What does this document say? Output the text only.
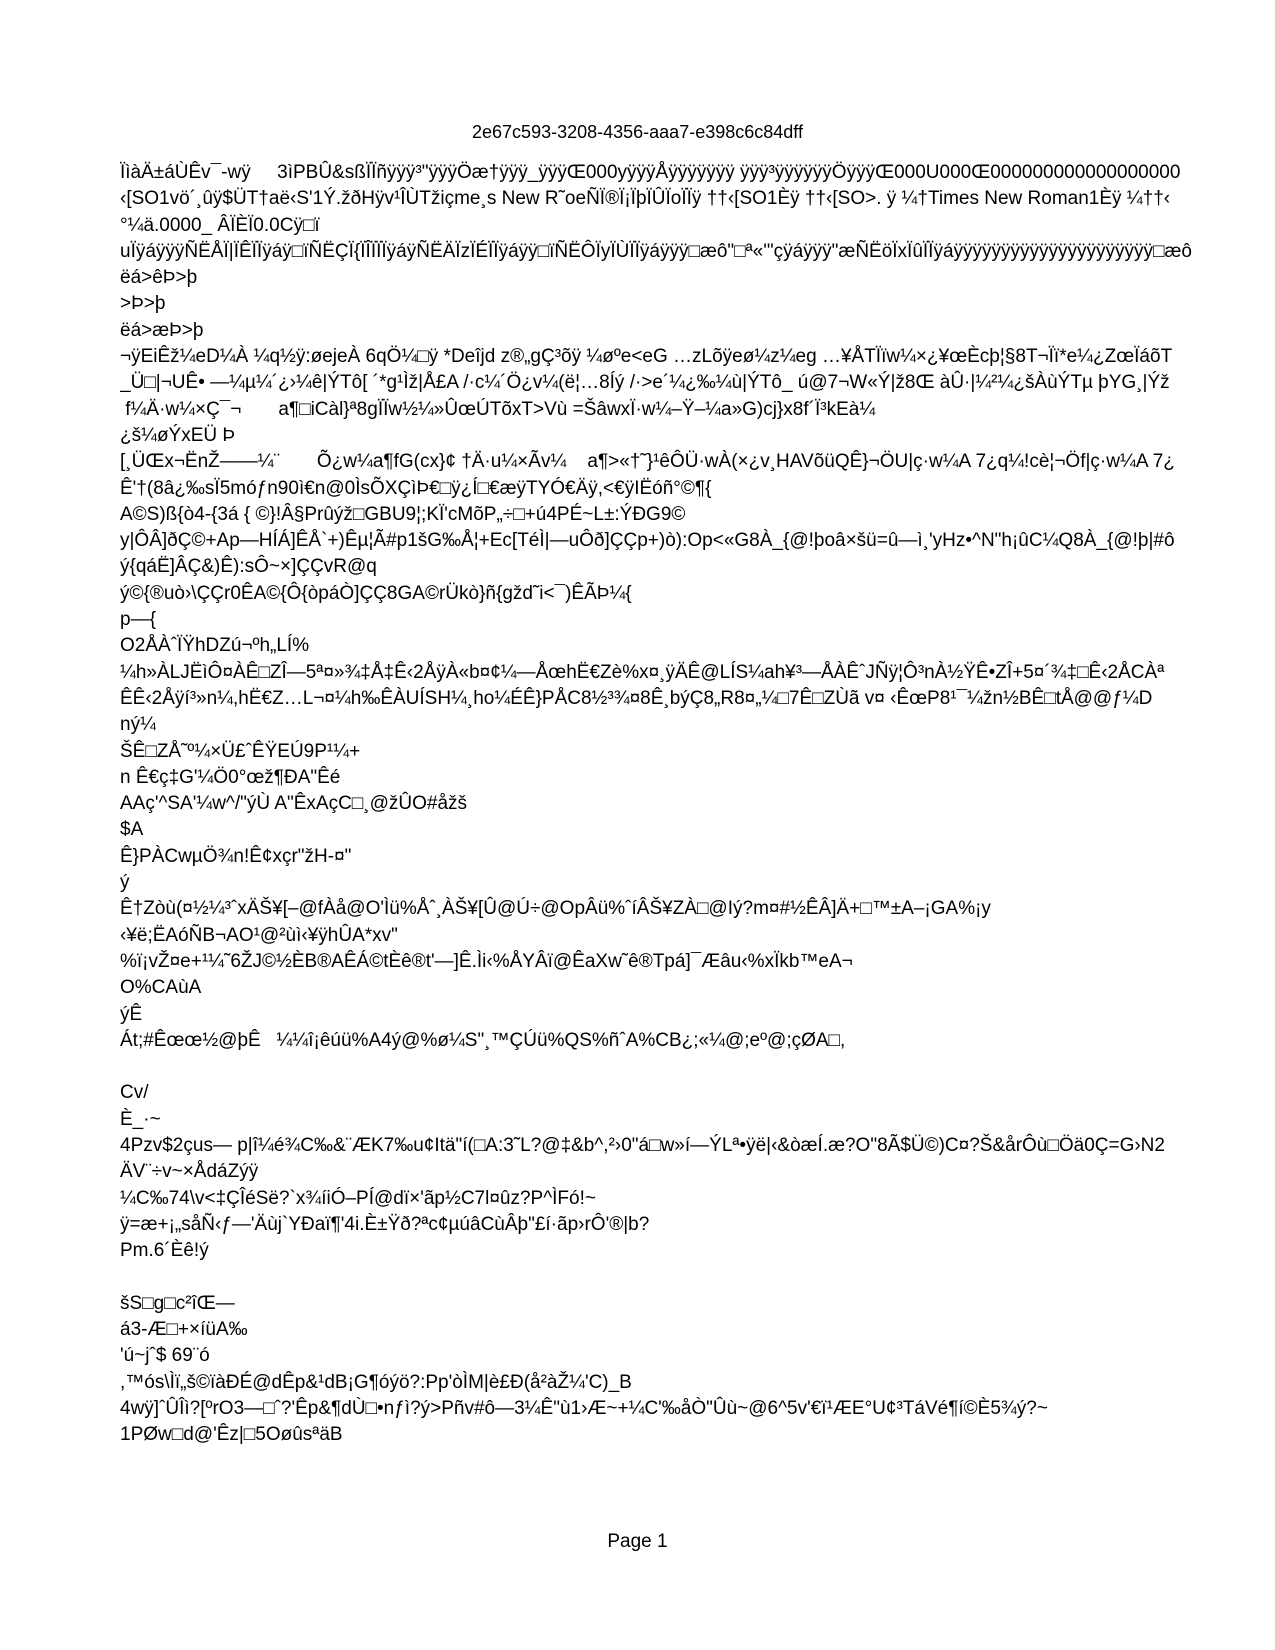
2e67c593-3208-4356-aaa7-e398c6c84dff
ÏìàÄ±áÙÊv¯-wÿ     3ìPBÛ&sßÏÏñÿÿÿ³"ÿÿÿÖæ†ÿÿÿ_ÿÿÿŒ000yÿÿÿÅÿÿÿÿÿÿÿ ÿÿÿ³ÿÿÿÿÿÿÖÿÿÿŒ000U000Œ000000000000000000
‹[SO1vö´¸ûÿ$ÜT†aë‹S'1Ý.žðHÿv¹ÎÙTžiçme¸s New R˜oeÑÏ®Ï¡ÏþÏÛÏoÏÏÿ ††‹[SO1Èÿ ††‹[SO>. ÿ ¼†Times New Roman1Èÿ ¼††‹
°¼ä.0000_ ÂÏÈÏ0.0Cÿ□ï
uÏÿáÿÿÿÑËÅÏ|ÏÊÏÏÿáÿ□ïÑËÇÏ{ÏÎÏÏÏÿáÿÑËÄÏzÏÉÏÏÿáÿÿ□ïÑËÔÏyÏÙÏÏÿáÿÿÿ□æô"□ª«'"çÿáÿÿÿ"æÑËöÏxÏûÏÏÿáÿÿÿÿÿÿÿÿÿÿÿÿÿÿÿÿÿÿÿÿÿ□æô
ëá>êÞ>þ
>Þ>þ
ëá>æÞ>þ
¬ÿEiÊž¼eD¼À ¼q½ÿ:øejeÀ 6qÖ¼□ÿ *Deîjd z®„gÇ³õÿ ¼øºe<eG …zLõÿeø¼z¼eg …¥ÅTÏïw¼×¿¥œÈcþ¦§8T¬Ïï*e¼¿ZœÏáõT
_Ü□|¬UÊ• —¼µ¼´¿›¼ê|ÝTô[ ´*g¹Ìž|Å£A /·c¼´Ö¿v¼(ë¦…8Íý /·>e´¼¿‰¼ù|ÝTô_ ú@7¬W«Ý|ž8Œ àÛ·|¼²¼¿šÀùÝTµ þYG¸|Ýž
f¼Ä·w¼×Ç¯¬       a¶□iCàl}ª8gÏÏw½¼»ÛœÚTõxT>Vù =ŠâwxÏ·w¼–Ÿ–¼a»G)cj}x8f´Ï³kEà¼
¿š¼øÝxEÜ Þ
[¸ÜŒx¬ËnŽ——¼¨       Õ¿w¼a¶fG(cx}¢ †Ä·u¼×Ãv¼    a¶>«†˜}¹êÔÜ·wÀ(×¿v¸HAVõüQÊ}¬ÖU|ç·w¼A 7¿q¼!cè¦¬Öf|ç·w¼A 7¿
Ê'†(8â¿‰sÏ5móƒn90ì€n@0ÌsÕXÇìÞ€□ÿ¿Í□€æÿTYÓ€Äÿ,<€ÿIËóñ°©¶{
A©S)ß{ò4-{3á { ©}!Â§Prûýž□GBU9¦;KÏ'cMõP„÷□+ú4PÉ~L±:ÝÐG9©
y|ÔÂ]ðÇ©+Ap—HÍÁ]ÊÅ`+)Êµ¦Ã#p1šG‰Å¦+Ec[TéÌ|—uÔð]ÇÇp+)ò):Op<«G8À_{@!þoâ×šü=û—ì¸'yHz•^N"h¡ûC¼Q8À_{@!þ|#ô
ý{qáË]ÂÇ&)Ê):sÔ~×]ÇÇvR@q
ý©{®uò›\ÇÇr0ÊA©{Ô{òpáÒ]ÇÇ8GA©rÜkò}ñ{gžd˜i<¯)ÊÃÞ¼{
p—{
O2ÅÀˆÏŸhDZú¬ºh„LÍ%
¼h»ÀLJËìÔ¤ÀÊ□ZÎ—5ª¤»¾‡Å‡Ê‹2ÅÿÀ«b¤¢¼—ÅœhË€Zè%x¤¸ÿÄÊ@LÍS¼ah¥³—ÅÀÊˆJÑÿ¦Ô³nÀ½ŸÊ•ZÎ+5¤´¾‡□Ê‹2ÅCÀª
ÊÊ‹2Åÿí³»n¼,hË€Z…L¬¤¼h‰ÊÀUÍSH¼¸ho¼ÉÊ}PÅC8½³¾¤8Ê¸býÇ8„R8¤„¼□7Ê□ZÙã v¤ ‹ÊœP8¹¯¼žn½BÊ□tÅ@@ƒ¼D
ný¼
ŠÊ□ZÅ˜º¼×Ü£ˆÊŸEÚ9P¹¼+
n Ê€ç‡G'¼Ö0°œž¶ÐA"Êé
AAç'^SA'¼w^/"ýÙ A"ÊxAçC□¸@žÛO#åžš
$A
Ê}PÀCwµÖ¾n!Ê¢xçr"žH-¤"
ý
Ê†Zòù(¤½¼³ˆxÄŠ¥[–@fÀå@O'Ìü%Åˆ¸ÀŠ¥[Û@Ú÷@OpÂü%ˆíÂŠ¥ZÀ□@Iý?m¤#½ÊÂ]Ä+□™±A–¡GA%¡y
‹¥ë;ËAóÑB¬AO¹@²ùì‹¥ÿhÛA*xv"
%ï¡vŽ¤e+¹¼˜6ŽJ©½ÈB®AÊÁ©tÈê®t'—]Ê.Ìi‹%ÅYÂï@ÊaXw˜ê®Tpá]¯Æâu‹%xÏkb™eA¬
O%CAùA
ýÊ
Át;#Êœœ½@þÊ   ¼¼î¡êúü%A4ý@%ø¼S"¸™ÇÚü%QS%ñˆA%CB¿;«¼@;eº@;çØA□,
Cv/
È_·~
4Pzv$2çus— p|î¼é¾C‰&¨ÆK7‰u¢Itä"í(□A:3˜L?@‡&b^,²›0"á□w»í—ÝLª•ÿë|‹&òæÍ.æ?O"8Ã$Ü©)C¤?Š&årÔù□Öä0Ç=G›N2
ÄV¨÷v~×ÅdáZýÿ
¼C‰74\v<‡ÇÎéSë?`x¾íiÓ–PÍ@dï×'ãp½C7l¤ûz?P^ÌFó!~
ÿ=æ+¡„såÑ‹ƒ—'Äùj`YÐaï¶'4i.È±Ÿð?ªc¢µúâCùÂþ"£í·ãp›rÔ'®|b?
Pm.6´Èê!ý
šS□g□c²îŒ—
á3-Æ□+×íüA‰
'ú~jˆ$ 69¨ó
,™ós\Ìï„š©ïàÐÉ@dÊp&¹dB¡G¶óýö?:Pp'òÌM|è£Ð(å²àŽ¼'C)_B
4wÿ]ˆÛÎì?[ºrO3—□ˆ?'Êp&¶dÙ□•nƒì?ý>Pñv#ô—3¼Ê"ù1›Æ~+¼C'‰åÒ"Ûù~@6^5v'€ï¹ÆE°U¢³TáVé¶í©È5¾ý?~
1PØw□d@'Êz|□5OøûsªäB
Page 1
